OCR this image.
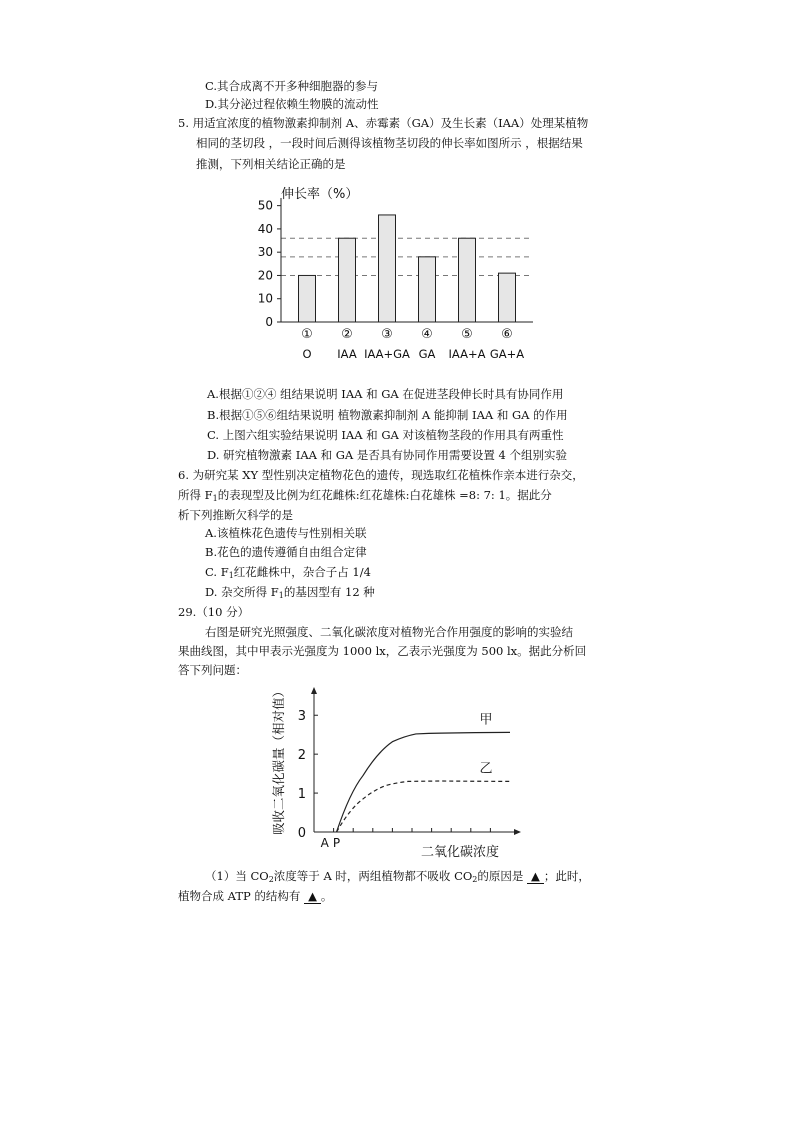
C.其合成离不开多种细胞器的参与
D.其分泌过程依赖生物膜的流动性
5. 用适宜浓度的植物激素抑制剂 A、赤霉素（GA）及生长素（IAA）处理某植物
相同的茎切段 ，一段时间后测得该植物茎切段的伸长率如图所示 ，根据结果
推测，下列相关结论正确的是
伸长率（%）
0
10
20
30
40
50
①
O
②
IAA
③
IAA+GA
④
GA
⑤
IAA+A
⑥
GA+A
A.根据①②④ 组结果说明 IAA 和 GA 在促进茎段伸长时具有协同作用
B.根据①⑤⑥组结果说明 植物激素抑制剂 A 能抑制 IAA 和 GA 的作用
C. 上图六组实验结果说明 IAA 和 GA 对该植物茎段的作用具有两重性
D. 研究植物激素 IAA 和 GA 是否具有协同作用需要设置 4 个组别实验
6. 为研究某 XY 型性别决定植物花色的遗传，现选取红花植株作亲本进行杂交，
所得 $F_1$的表现型及比例为红花雌株:红花雄株:白花雄株 =8: 7: 1。据此分
析下列推断欠科学的是
A.该植株花色遗传与性别相关联
B.花色的遗传遵循自由组合定律
C. $F_1$红花雌株中，杂合子占 1/4
D. 杂交所得 $F_1$的基因型有 12 种
29.（10 分）
右图是研究光照强度、二氧化碳浓度对植物光合作用强度的影响的实验结
果曲线图，其中甲表示光强度为 1000 lx，乙表示光强度为 500 lx。据此分析回
答下列问题：
0
1
2
3
A P
二氧化碳浓度
吸收二氧化碳量（相对值）	甲
乙
（1）当 $CO_2$浓度等于 A 时，两组植物都不吸收 $CO_2$的原因是 ▲ ；此时，
植物合成 ATP 的结构有 ▲ 。
